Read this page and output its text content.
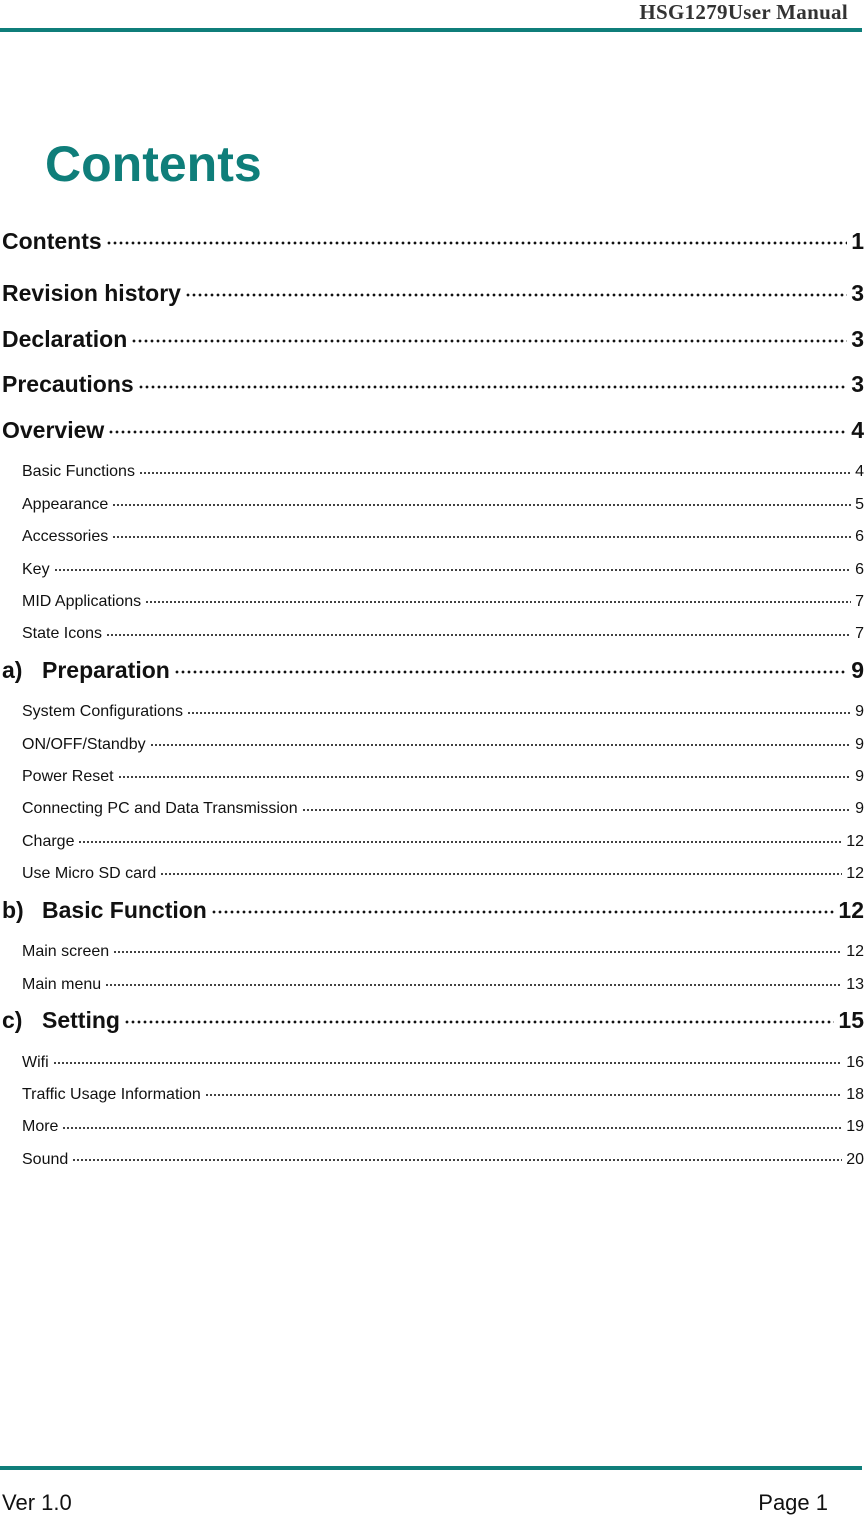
HSG1279User Manual
Contents
Contents	1
Revision history	3
Declaration	3
Precautions	3
Overview	4
Basic Functions	4
Appearance	5
Accessories	6
Key	6
MID Applications	7
State Icons	7
a) Preparation	9
System Configurations	9
ON/OFF/Standby	9
Power Reset	9
Connecting PC and Data Transmission	9
Charge	12
Use Micro SD card	12
b) Basic Function	12
Main screen	12
Main menu	13
c) Setting	15
Wifi	16
Traffic Usage Information	18
More	19
Sound	20
Ver 1.0	Page 1
